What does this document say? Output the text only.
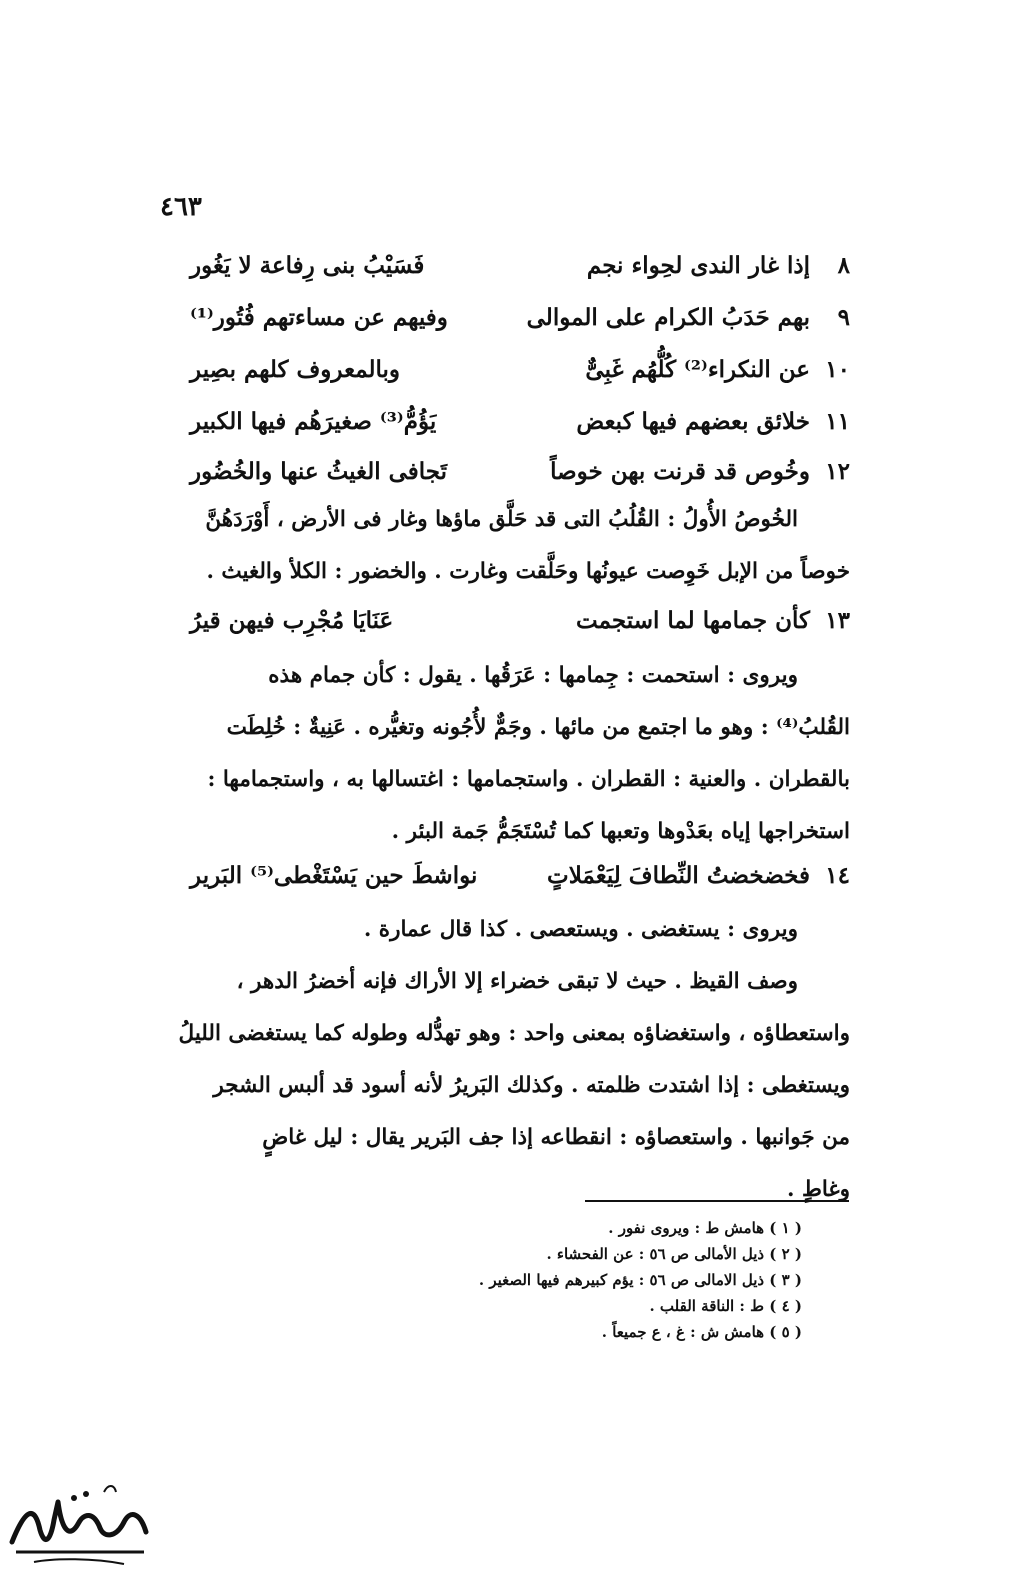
٤٦٣
٨
إذا غار الندى لحِواء نجم
فَسَيْبُ بنى رِفاعة لا يَغُور
٩
بهم حَدَبُ الكرام على الموالى
وفيهم عن مساءتهم فُتُور⁽¹⁾
١٠
عن النكراء⁽²⁾ كُلُّهُم غَبِىٌّ
وبالمعروف كلهم بصِير
١١
خلائق بعضهم فيها كبعض
يَؤُمُّ⁽³⁾ صغيرَهُم فيها الكبير
١٢
وخُوص قد قرنت بهن خوصاً
تَجافى الغيثُ عنها والخُضُور
الخُوصُ الأُولُ : القُلُبُ التى قد حَلَّق ماؤها وغار فى الأرض ، أَوْرَدَهُنَّ
خوصاً من الإبل خَوِصت عيونُها وحَلَّقت وغارت . والخضور : الكلأ والغيث .
١٣
كأن جمامها لما استجمت
عَنَايَا مُجْرِب فيهن قيرُ
ويروى : استحمت : جِمامها : عَرَقُها . يقول : كأن جمام هذه
القُلبُ⁽⁴⁾ : وهو ما اجتمع من مائها . وجَمٌّ لأُجُونه وتغيُّره . عَنِيةٌ : خُلِطَت
بالقطران . والعنية : القطران . واستجمامها : اغتسالها به ، واستجمامها :
استخراجها إياه بعَدْوها وتعبها كما تُسْتَجَمُّ جَمة البئر .
١٤
فخضخضتُ النِّطافَ لِيَعْمَلاتٍ
نواشطَ حين يَسْتَغْطى⁽⁵⁾ البَرير
ويروى : يستغضى . ويستعصى . كذا قال عمارة .
وصف القيظ . حيث لا تبقى خضراء إلا الأراك فإنه أخضرُ الدهر ،
واستعطاؤه ، واستغضاؤه بمعنى واحد : وهو تهدُّله وطوله كما يستغضى الليلُ
ويستغطى : إذا اشتدت ظلمته . وكذلك البَريرُ لأنه أسود قد ألبس الشجر
من جَوانبها . واستعصاؤه : انقطاعه إذا جف البَرير يقال : ليل غاضٍ
وغاطٍ .
( ١ ) هامش ط : ويروى نفور .
( ٢ ) ذيل الأمالى ص ٥٦ : عن الفحشاء .
( ٣ ) ذيل الامالى ص ٥٦ : يؤم كبيرهم فيها الصغير .
( ٤ ) ط : الناقة القلب .
( ٥ ) هامش ش : غ ، ع جميعاً .
